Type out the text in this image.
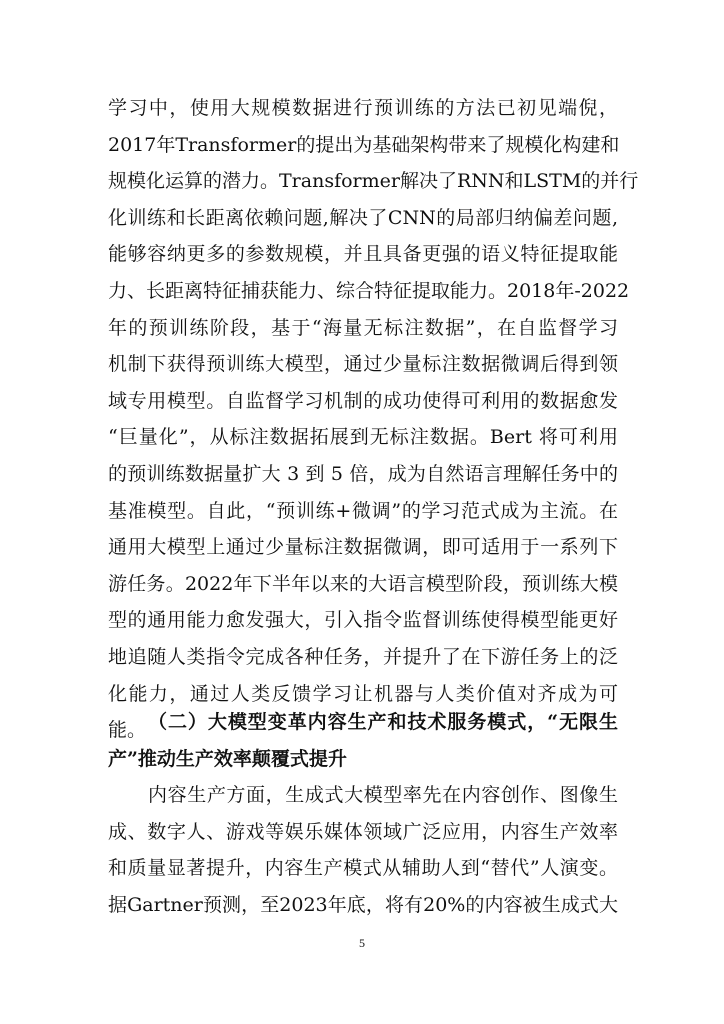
学习中，使用大规模数据进行预训练的方法已初见端倪，
2017年Transformer的提出为基础架构带来了规模化构建和
规模化运算的潜力。Transformer解决了RNN和LSTM的并行
化训练和长距离依赖问题,解决了CNN的局部归纳偏差问题,
能够容纳更多的参数规模，并且具备更强的语义特征提取能
力、长距离特征捕获能力、综合特征提取能力。2018年-2022
年的预训练阶段，基于“海量无标注数据”，在自监督学习
机制下获得预训练大模型，通过少量标注数据微调后得到领
域专用模型。自监督学习机制的成功使得可利用的数据愈发
“巨量化”，从标注数据拓展到无标注数据。Bert 将可利用
的预训练数据量扩大 3 到 5 倍，成为自然语言理解任务中的
基准模型。自此，“预训练+微调”的学习范式成为主流。在
通用大模型上通过少量标注数据微调，即可适用于一系列下
游任务。2022年下半年以来的大语言模型阶段，预训练大模
型的通用能力愈发强大，引入指令监督训练使得模型能更好
地追随人类指令完成各种任务，并提升了在下游任务上的泛
化能力，通过人类反馈学习让机器与人类价值对齐成为可
能。 （二）大模型变革内容生产和技术服务模式，“无限生
产”推动生产效率颠覆式提升
内容生产方面，生成式大模型率先在内容创作、图像生
成、数字人、游戏等娱乐媒体领域广泛应用，内容生产效率
和质量显著提升，内容生产模式从辅助人到“替代”人演变。
据Gartner预测，至2023年底，将有20%的内容被生成式大
5
